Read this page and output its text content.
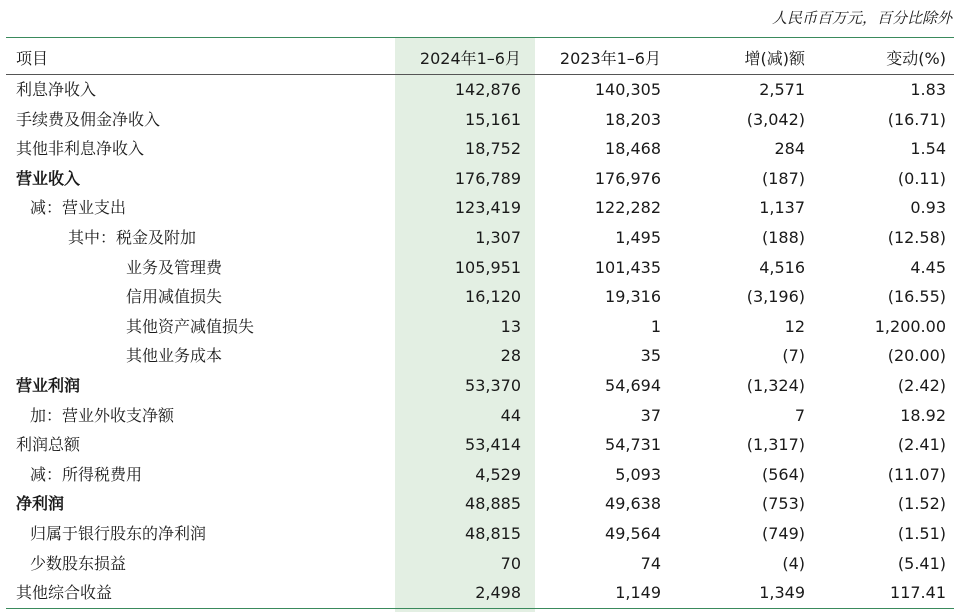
人民币百万元，百分比除外
项目	2024年1–6月	2023年1–6月	增(减)额	变动(%)
利息净收入	142,876	140,305	2,571	1.83
手续费及佣金净收入	15,161	18,203	(3,042)	(16.71)
其他非利息净收入	18,752	18,468	284	1.54
营业收入	176,789	176,976	(187)	(0.11)
减：营业支出	123,419	122,282	1,137	0.93
其中：税金及附加	1,307	1,495	(188)	(12.58)
业务及管理费	105,951	101,435	4,516	4.45
信用减值损失	16,120	19,316	(3,196)	(16.55)
其他资产减值损失	13	1	12	1,200.00
其他业务成本	28	35	(7)	(20.00)
营业利润	53,370	54,694	(1,324)	(2.42)
加：营业外收支净额	44	37	7	18.92
利润总额	53,414	54,731	(1,317)	(2.41)
减：所得税费用	4,529	5,093	(564)	(11.07)
净利润	48,885	49,638	(753)	(1.52)
归属于银行股东的净利润	48,815	49,564	(749)	(1.51)
少数股东损益	70	74	(4)	(5.41)
其他综合收益	2,498	1,149	1,349	117.41
